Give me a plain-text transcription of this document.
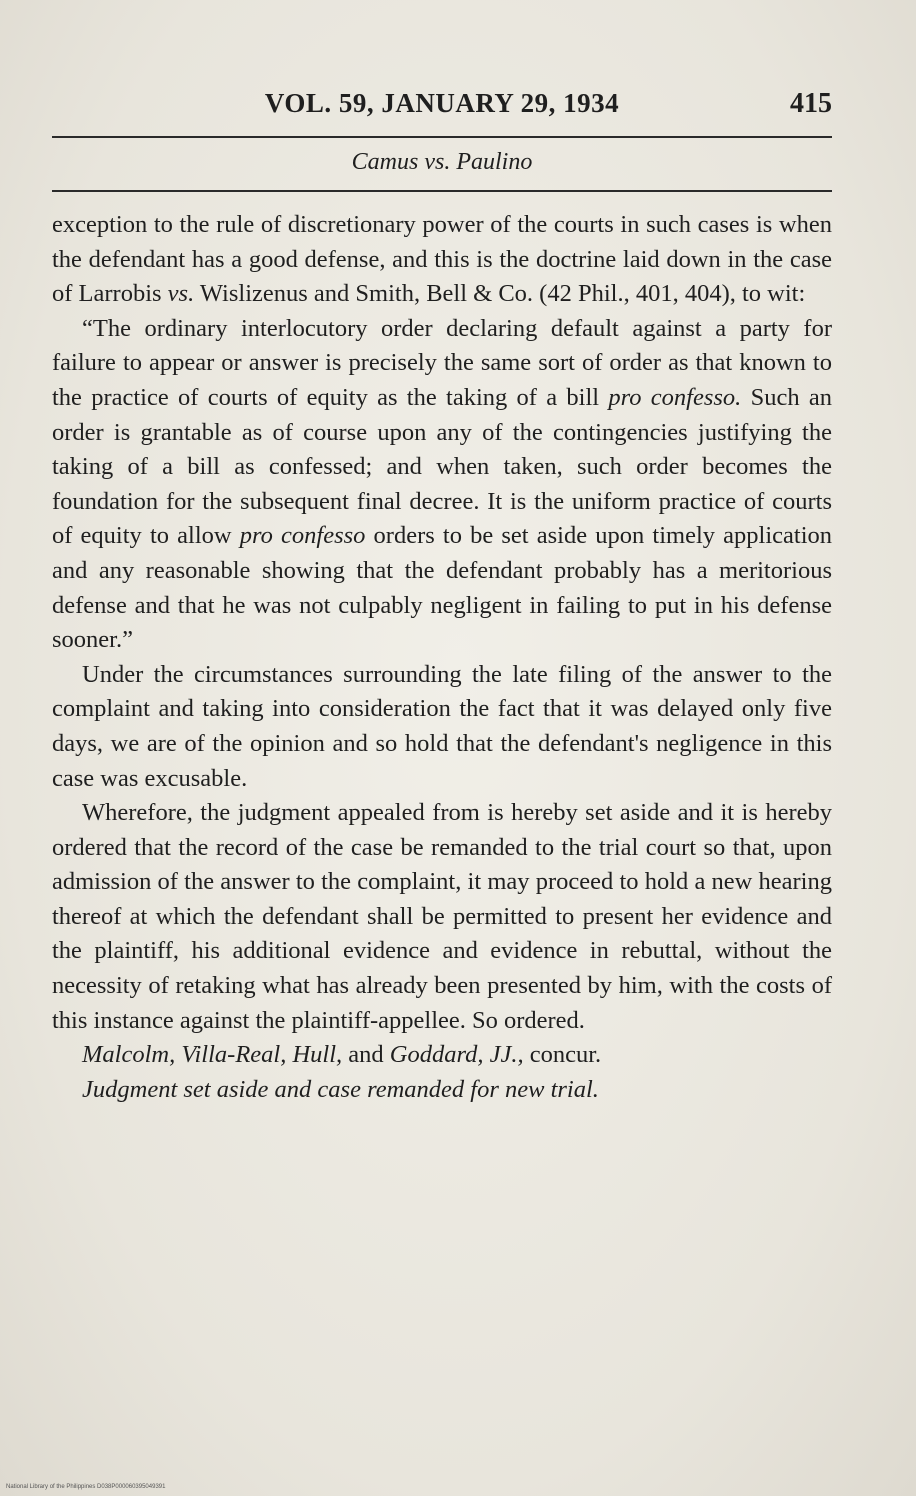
VOL. 59, JANUARY 29, 1934	415
Camus vs. Paulino

exception to the rule of discretionary power of the courts in such cases is when the defendant has a good defense, and this is the doctrine laid down in the case of Larrobis vs. Wislizenus and Smith, Bell & Co. (42 Phil., 401, 404), to wit:

“The ordinary interlocutory order declaring default against a party for failure to appear or answer is precisely the same sort of order as that known to the practice of courts of equity as the taking of a bill pro confesso. Such an order is grantable as of course upon any of the contingencies justifying the taking of a bill as confessed; and when taken, such order becomes the foundation for the subsequent final decree. It is the uniform practice of courts of equity to allow pro confesso orders to be set aside upon timely application and any reasonable showing that the defendant probably has a meritorious defense and that he was not culpably negligent in failing to put in his defense sooner.”

Under the circumstances surrounding the late filing of the answer to the complaint and taking into consideration the fact that it was delayed only five days, we are of the opinion and so hold that the defendant's negligence in this case was excusable.

Wherefore, the judgment appealed from is hereby set aside and it is hereby ordered that the record of the case be remanded to the trial court so that, upon admission of the answer to the complaint, it may proceed to hold a new hearing thereof at which the defendant shall be permitted to present her evidence and the plaintiff, his additional evidence and evidence in rebuttal, without the necessity of retaking what has already been presented by him, with the costs of this instance against the plaintiff-appellee. So ordered.

Malcolm, Villa-Real, Hull, and Goddard, JJ., concur.

Judgment set aside and case remanded for new trial.

National Library of the Philippines D038P000060395049391
